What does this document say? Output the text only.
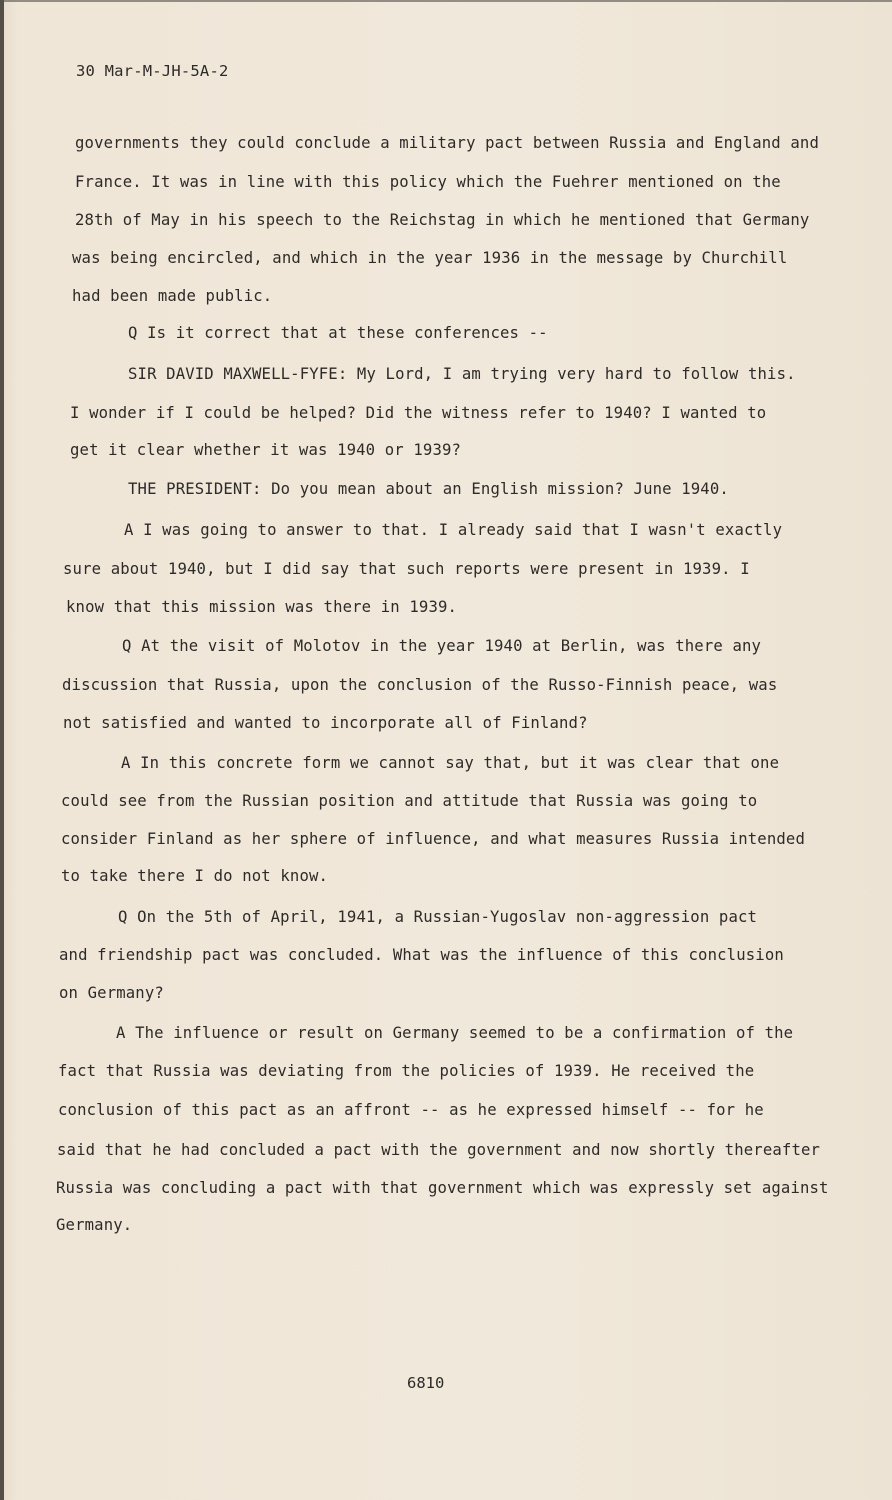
30 Mar-M-JH-5A-2
governments they could conclude a military pact between Russia and England and
France. It was in line with this policy which the Fuehrer mentioned on the
28th of May in his speech to the Reichstag in which he mentioned that Germany
was being encircled, and which in the year 1936 in the message by Churchill
had been made public.
Q Is it correct that at these conferences --
SIR DAVID MAXWELL-FYFE: My Lord, I am trying very hard to follow this.
I wonder if I could be helped? Did the witness refer to 1940? I wanted to
get it clear whether it was 1940 or 1939?
THE PRESIDENT: Do you mean about an English mission? June 1940.
A I was going to answer to that. I already said that I wasn't exactly
sure about 1940, but I did say that such reports were present in 1939. I
know that this mission was there in 1939.
Q At the visit of Molotov in the year 1940 at Berlin, was there any
discussion that Russia, upon the conclusion of the Russo-Finnish peace, was
not satisfied and wanted to incorporate all of Finland?
A In this concrete form we cannot say that, but it was clear that one
could see from the Russian position and attitude that Russia was going to
consider Finland as her sphere of influence, and what measures Russia intended
to take there I do not know.
Q On the 5th of April, 1941, a Russian-Yugoslav non-aggression pact
and friendship pact was concluded. What was the influence of this conclusion
on Germany?
A The influence or result on Germany seemed to be a confirmation of the
fact that Russia was deviating from the policies of 1939. He received the
conclusion of this pact as an affront -- as he expressed himself -- for he
said that he had concluded a pact with the government and now shortly thereafter
Russia was concluding a pact with that government which was expressly set against
Germany.
6810
